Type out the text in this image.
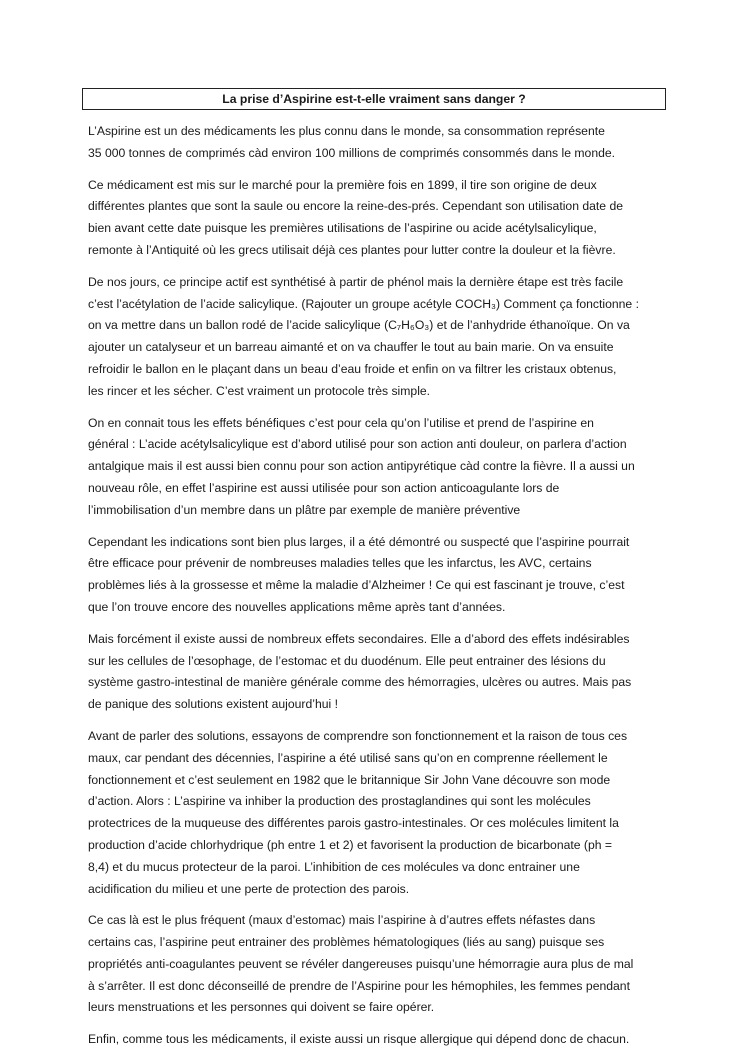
La prise d’Aspirine est-t-elle vraiment sans danger ?

L’Aspirine est un des médicaments les plus connu dans le monde, sa consommation représente
35 000 tonnes de comprimés càd environ 100 millions de comprimés consommés dans le monde.

Ce médicament est mis sur le marché pour la première fois en 1899, il tire son origine de deux
différentes plantes que sont la saule ou encore la reine-des-prés. Cependant son utilisation date de
bien avant cette date puisque les premières utilisations de l’aspirine ou acide acétylsalicylique,
remonte à l’Antiquité où les grecs utilisait déjà ces plantes pour lutter contre la douleur et la fièvre.

De nos jours, ce principe actif est synthétisé à partir de phénol mais la dernière étape est très facile
c’est l’acétylation de l’acide salicylique. (Rajouter un groupe acétyle COCH₃) Comment ça fonctionne :
on va mettre dans un ballon rodé de l’acide salicylique (C₇H₆O₃) et de l’anhydride éthanoïque. On va
ajouter un catalyseur et un barreau aimanté et on va chauffer le tout au bain marie. On va ensuite
refroidir le ballon en le plaçant dans un beau d’eau froide et enfin on va filtrer les cristaux obtenus,
les rincer et les sécher. C’est vraiment un protocole très simple.

On en connait tous les effets bénéfiques c’est pour cela qu’on l’utilise et prend de l’aspirine en
général : L’acide acétylsalicylique est d’abord utilisé pour son action anti douleur, on parlera d’action
antalgique mais il est aussi bien connu pour son action antipyrétique càd contre la fièvre. Il a aussi un
nouveau rôle, en effet l’aspirine est aussi utilisée pour son action anticoagulante lors de
l’immobilisation d’un membre dans un plâtre par exemple de manière préventive

Cependant les indications sont bien plus larges, il a été démontré ou suspecté que l’aspirine pourrait
être efficace pour prévenir de nombreuses maladies telles que les infarctus, les AVC, certains
problèmes liés à la grossesse et même la maladie d’Alzheimer ! Ce qui est fascinant je trouve, c’est
que l’on trouve encore des nouvelles applications même après tant d’années.

Mais forcément il existe aussi de nombreux effets secondaires. Elle a d’abord des effets indésirables
sur les cellules de l’œsophage, de l’estomac et du duodénum. Elle peut entrainer des lésions du
système gastro-intestinal de manière générale comme des hémorragies, ulcères ou autres. Mais pas
de panique des solutions existent aujourd’hui !

Avant de parler des solutions, essayons de comprendre son fonctionnement et la raison de tous ces
maux, car pendant des décennies, l’aspirine a été utilisé sans qu’on en comprenne réellement le
fonctionnement et c’est seulement en 1982 que le britannique Sir John Vane découvre son mode
d’action. Alors : L’aspirine va inhiber la production des prostaglandines qui sont les molécules
protectrices de la muqueuse des différentes parois gastro-intestinales. Or ces molécules limitent la
production d’acide chlorhydrique (ph entre 1 et 2) et favorisent la production de bicarbonate (ph =
8,4) et du mucus protecteur de la paroi. L’inhibition de ces molécules va donc entrainer une
acidification du milieu et une perte de protection des parois.

Ce cas là est le plus fréquent (maux d’estomac) mais l’aspirine à d’autres effets néfastes dans
certains cas, l’aspirine peut entrainer des problèmes hématologiques (liés au sang) puisque ses
propriétés anti-coagulantes peuvent se révéler dangereuses puisqu’une hémorragie aura plus de mal
à s’arrêter. Il est donc déconseillé de prendre de l’Aspirine pour les hémophiles, les femmes pendant
leurs menstruations et les personnes qui doivent se faire opérer.

Enfin, comme tous les médicaments, il existe aussi un risque allergique qui dépend donc de chacun.
